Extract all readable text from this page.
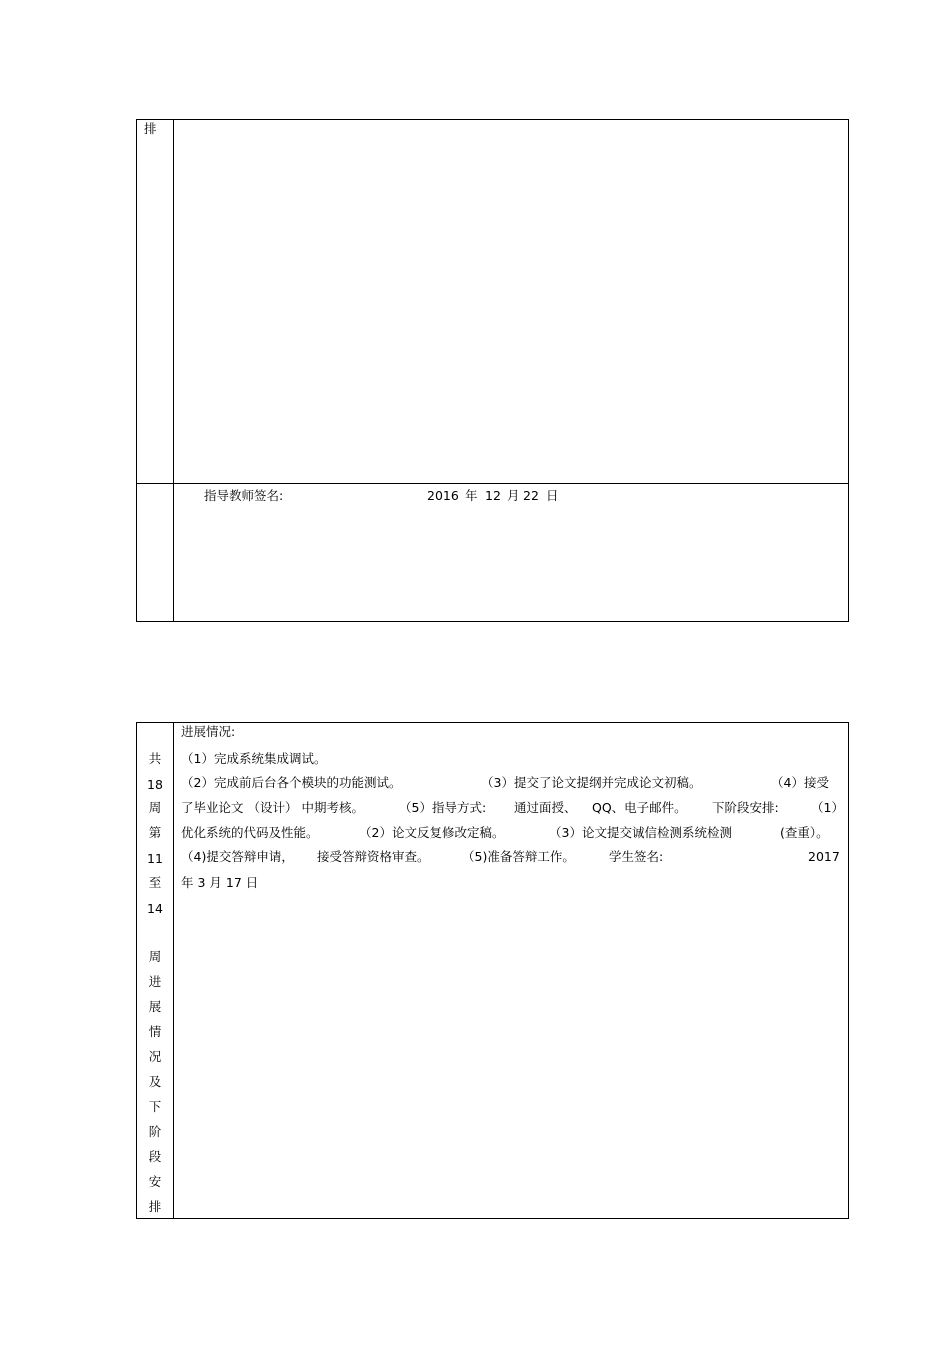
排
指导教师签名:	2016 年 12 月 22 日
共
18
周
第
11
至
14
周
进
展
情
况
及
下
阶
段
安
排
进展情况:
（1）完成系统集成调试。
（2）完成前后台各个模块的功能测试。	（3）提交了论文提纲并完成论文初稿。	（4）接受
了毕业论文 （设计） 中期考核。	（5）指导方式: 通过面授、 QQ、电子邮件。 下阶段安排:	（1）
优化系统的代码及性能。	（2）论文反复修改定稿。	（3）论文提交诚信检测系统检测	(查重）。
（4)提交答辩申请， 接受答辩资格审查。	（5)准备答辩工作。	学生签名:	2017
年 3 月 17 日
